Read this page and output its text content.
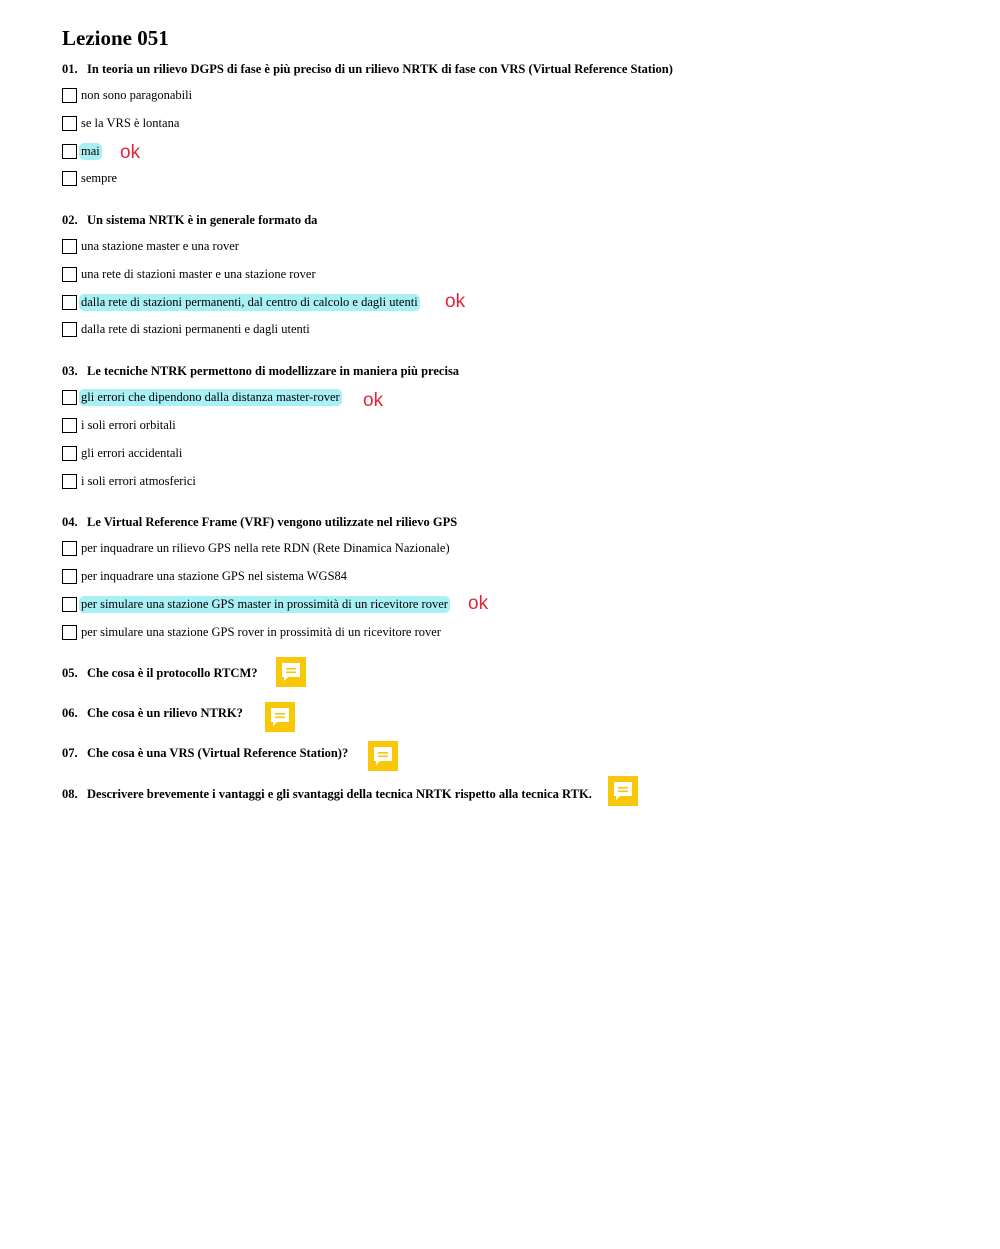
Lezione 051
01. In teoria un rilievo DGPS di fase è più preciso di un rilievo NRTK di fase con VRS (Virtual Reference Station)
non sono paragonabili
se la VRS è lontana
mai ok
sempre
02. Un sistema NRTK è in generale formato da
una stazione master e una rover
una rete di stazioni master e una stazione rover
dalla rete di stazioni permanenti, dal centro di calcolo e dagli utenti ok
dalla rete di stazioni permanenti e dagli utenti
03. Le tecniche NTRK permettono di modellizzare in maniera più precisa
gli errori che dipendono dalla distanza master-rover ok
i soli errori orbitali
gli errori accidentali
i soli errori atmosferici
04. Le Virtual Reference Frame (VRF) vengono utilizzate nel rilievo GPS
per inquadrare un rilievo GPS nella rete RDN (Rete Dinamica Nazionale)
per inquadrare una stazione GPS nel sistema WGS84
per simulare una stazione GPS master in prossimità di un ricevitore rover ok
per simulare una stazione GPS rover in prossimità di un ricevitore rover
05. Che cosa è il protocollo RTCM?
06. Che cosa è un rilievo NTRK?
07. Che cosa è una VRS (Virtual Reference Station)?
08. Descrivere brevemente i vantaggi e gli svantaggi della tecnica NRTK rispetto alla tecnica RTK.
